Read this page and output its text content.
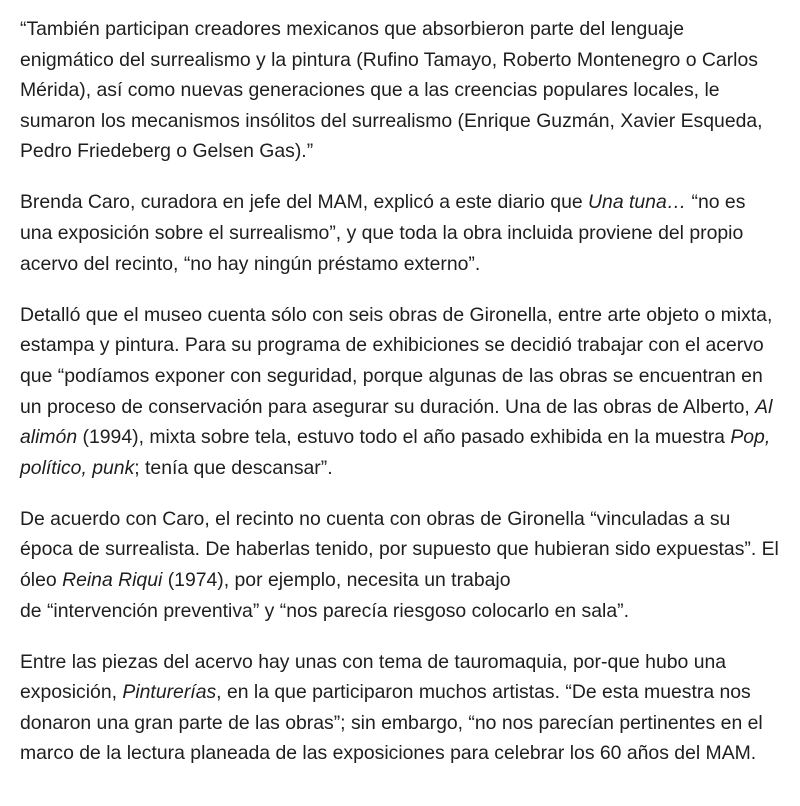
“También participan creadores mexicanos que absorbieron parte del lenguaje enigmático del surrealismo y la pintura (Rufino Tamayo, Roberto Montenegro o Carlos Mérida), así como nuevas generaciones que a las creencias populares locales, le sumaron los mecanismos insólitos del surrealismo (Enrique Guzmán, Xavier Esqueda, Pedro Friedeberg o Gelsen Gas).”

Brenda Caro, curadora en jefe del MAM, explicó a este diario que Una tuna… “no es una exposición sobre el surrealismo”, y que toda la obra incluida proviene del propio acervo del recinto, “no hay ningún préstamo externo”.

Detalló que el museo cuenta sólo con seis obras de Gironella, entre arte objeto o mixta, estampa y pintura. Para su programa de exhibiciones se decidió trabajar con el acervo que “podíamos exponer con seguridad, porque algunas de las obras se encuentran en un proceso de conservación para asegurar su duración. Una de las obras de Alberto, Al alimón (1994), mixta sobre tela, estuvo todo el año pasado exhibida en la muestra Pop, político, punk; tenía que descansar”.

De acuerdo con Caro, el recinto no cuenta con obras de Gironella “vinculadas a su época de surrealista. De haberlas tenido, por supuesto que hubieran sido expuestas”. El óleo Reina Riqui (1974), por ejemplo, necesita un trabajo
de “intervención preventiva” y “nos parecía riesgoso colocarlo en sala”.

Entre las piezas del acervo hay unas con tema de tauromaquia, por-que hubo una exposición, Pinturerías, en la que participaron muchos artistas. “De esta muestra nos donaron una gran parte de las obras”; sin embargo, “no nos parecían pertinentes en el marco de la lectura planeada de las exposiciones para celebrar los 60 años del MAM.
